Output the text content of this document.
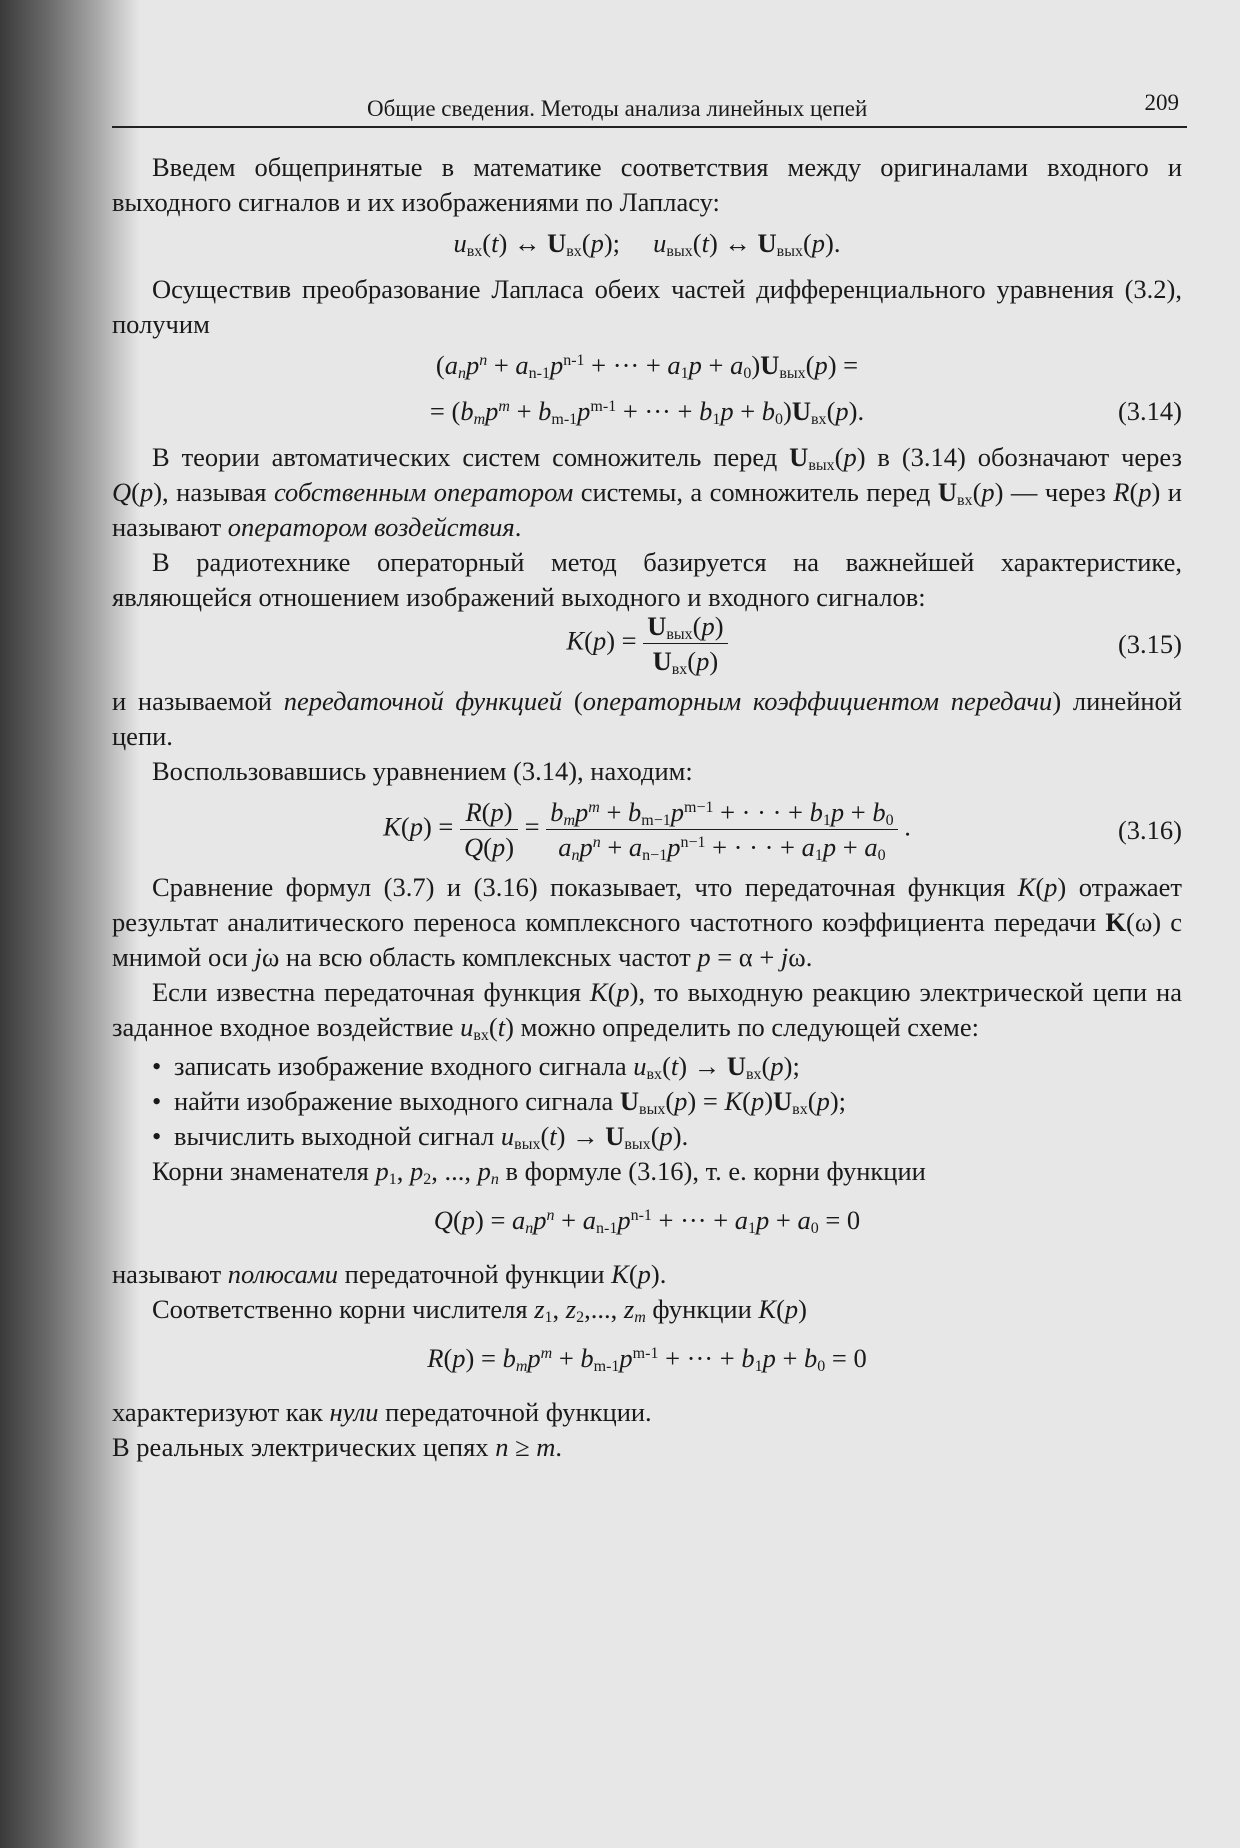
Общие сведения. Методы анализа линейных цепей	209

Введем общепринятые в математике соответствия между оригиналами входного и выходного сигналов и их изображениями по Лапласу:

$u_{вх}(t)$ ↔ $U_{вх}(p)$;     $u_{вых}(t)$ ↔ $U_{вых}(p)$.

Осуществив преобразование Лапласа обеих частей дифференциального уравнения (3.2), получим

($a_np^n + a_{n-1}p^{n-1}$ + ··· + $a_1p + a_0)U_{вых}(p)$ =
= ($b_mp^m + b_{m-1}p^{m-1}$ + ··· + $b_1p + b_0)U_{вх}(p)$.	(3.14)

В теории автоматических систем сомножитель перед $U_{вых}(p)$ в (3.14) обозначают через Q(p), называя собственным оператором системы, а сомножитель перед $U_{вх}(p)$ — через R(p) и называют оператором воздействия.

В радиотехнике операторный метод базируется на важнейшей характеристике, являющейся отношением изображений выходного и входного сигналов:

$K(p) = \frac{U_{вых}(p)}{U_{вх}(p)}$	(3.15)

и называемой передаточной функцией (операторным коэффициентом передачи) линейной цепи.

Воспользовавшись уравнением (3.14), находим:

$K(p) = \frac{R(p)}{Q(p)} = \frac{b_mp^m + b_{m-1}p^{m-1} + \cdot \cdot \cdot + b_1p + b_0}{a_np^n + a_{n-1}p^{n-1} + \cdot \cdot \cdot + a_1p + a_0}$ .	(3.16)

Сравнение формул (3.7) и (3.16) показывает, что передаточная функция K(p) отражает результат аналитического переноса комплексного частотного коэффициента передачи K(ω) с мнимой оси jω на всю область комплексных частот p = α + jω.

Если известна передаточная функция K(p), то выходную реакцию электрической цепи на заданное входное воздействие $u_{вх}(t)$ можно определить по следующей схеме:

• записать изображение входного сигнала $u_{вх}(t) \to U_{вх}(p)$;
• найти изображение выходного сигнала $U_{вых}(p) = K(p)U_{вх}(p)$;
• вычислить выходной сигнал $u_{вых}(t) \to U_{вых}(p)$.

Корни знаменателя $p_1$, $p_2$, ..., $p_n$ в формуле (3.16), т. е. корни функции

$Q(p) = a_np^n + a_{n-1}p^{n-1}$ + ··· + $a_1p + a_0 = 0$

называют полюсами передаточной функции K(p).

Соответственно корни числителя $z_1$, $z_2$,..., $z_m$ функции K(p)

$R(p) = b_mp^m + b_{m-1}p^{m-1}$ + ··· + $b_1p + b_0 = 0$

характеризуют как нули передаточной функции.

В реальных электрических цепях n ≥ m.
